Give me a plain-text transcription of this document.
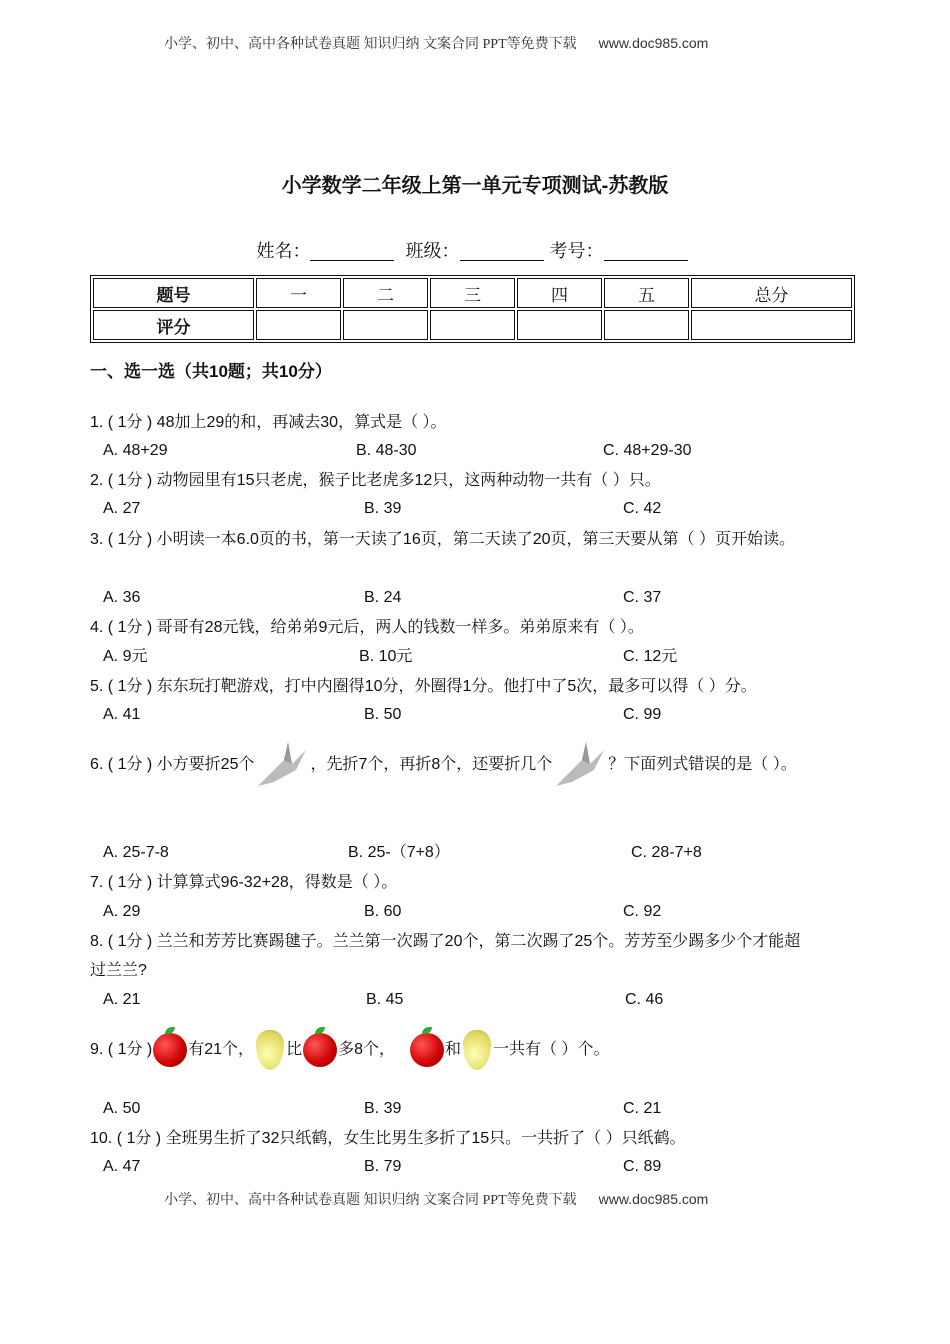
小学、初中、高中各种试卷真题 知识归纳 文案合同 PPT等免费下载 www.doc985.com
小学数学二年级上第一单元专项测试-苏教版
姓名：	班级：	考号：
题号	一	二	三	四	五	总分
评分						
一、选一选（共10题；共10分）
1. ( 1分 ) 48加上29的和，再减去30，算式是（ ）。
A. 48+29	B. 48-30	C. 48+29-30
2. ( 1分 ) 动物园里有15只老虎，猴子比老虎多12只，这两种动物一共有（ ）只。
A. 27	B. 39	C. 42
3. ( 1分 ) 小明读一本6.0页的书，第一天读了16页，第二天读了20页，第三天要从第（ ）页开始读。
A. 36	B. 24	C. 37
4. ( 1分 ) 哥哥有28元钱，给弟弟9元后，两人的钱数一样多。弟弟原来有（ ）。
A. 9元	B. 10元	C. 12元
5. ( 1分 ) 东东玩打靶游戏，打中内圈得10分，外圈得1分。他打中了5次，最多可以得（ ）分。
A. 41	B. 50	C. 99
6. ( 1分 ) 小方要折25个	，先折7个，再折8个，还要折几个	？下面列式错误的是（ ）。
A. 25-7-8	B. 25-（7+8）	C. 28-7+8
7. ( 1分 ) 计算算式96-32+28，得数是（ ）。
A. 29	B. 60	C. 92
8. ( 1分 ) 兰兰和芳芳比赛踢毽子。兰兰第一次踢了20个，第二次踢了25个。芳芳至少踢多少个才能超
过兰兰?
A. 21	B. 45	C. 46
9. ( 1分 ) 有21个， 比 多8个，	和 一共有（ ）个。
A. 50	B. 39	C. 21
10. ( 1分 ) 全班男生折了32只纸鹤，女生比男生多折了15只。一共折了（ ）只纸鹤。
A. 47	B. 79	C. 89
小学、初中、高中各种试卷真题 知识归纳 文案合同 PPT等免费下载 www.doc985.com
